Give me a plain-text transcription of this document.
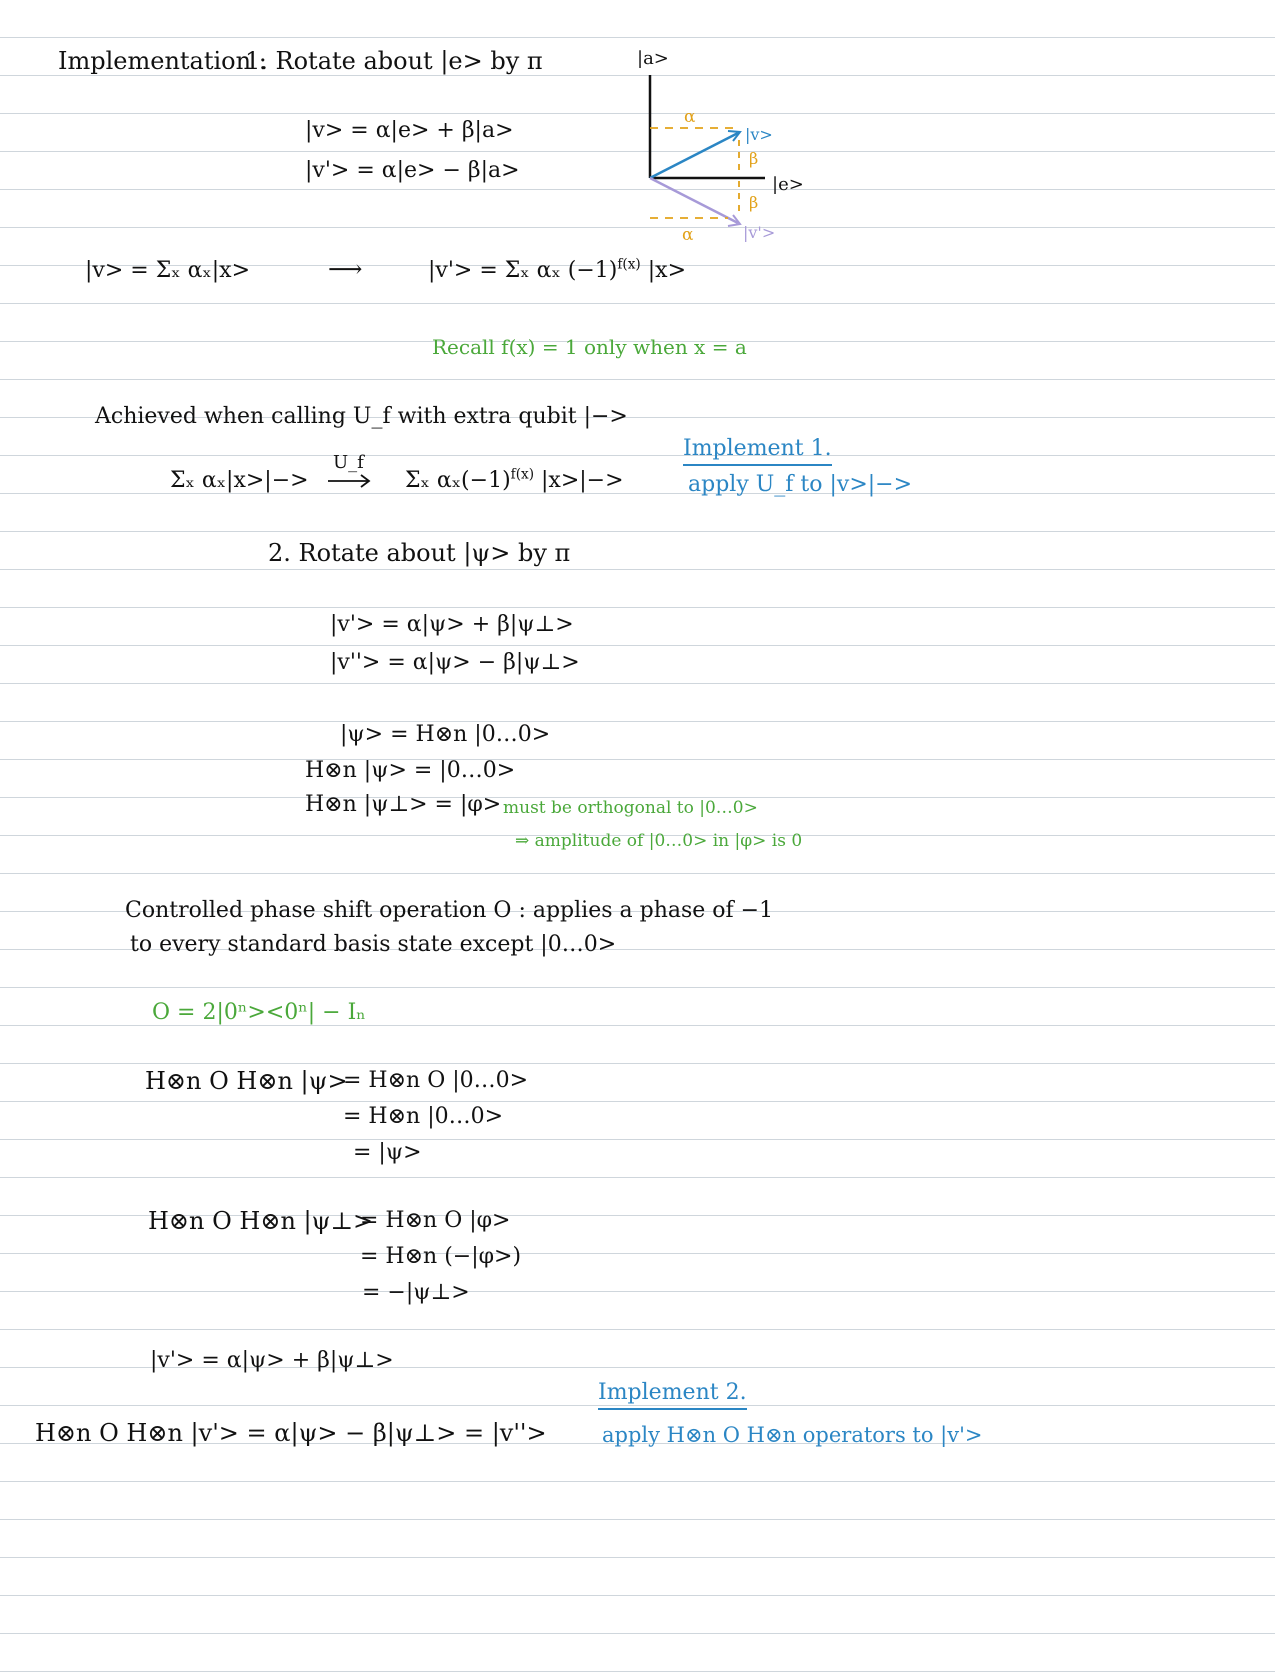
Implementation :
1. Rotate about |e> by π
|v> = α|e> + β|a>
|v'> = α|e> − β|a>
|a>
|e>
|v>
|v'>
α
β
β
α
|v> = Σₓ αₓ|x>	⟶	|v'> = Σₓ αₓ $(-1)^{f(x)}$ |x>
Recall f(x) = 1 only when x = a
Achieved when calling U_f with extra qubit |−>
Σₓ αₓ|x>|−>
U_f
Σₓ $\alpha_x(-1)^{f(x)}$ |x>|−>
Implement 1.
apply U_f to |v>|−>
2. Rotate about |ψ> by π
|v'> = α|ψ> + β|ψ⊥>
|v''> = α|ψ> − β|ψ⊥>
|ψ> = H⊗n |0…0>
H⊗n |ψ> = |0…0>
H⊗n |ψ⊥> = |φ> must be orthogonal to |0…0>
⇒ amplitude of |0…0> in |φ> is 0
Controlled phase shift operation O : applies a phase of −1
to every standard basis state except |0…0>
O = 2|0ⁿ><0ⁿ| − Iₙ
H⊗n O H⊗n |ψ>
= H⊗n O |0…0>
= H⊗n |0…0>
= |ψ>
H⊗n O H⊗n |ψ⊥>
= H⊗n O |φ>
= H⊗n (−|φ>)
= −|ψ⊥>
|v'> = α|ψ> + β|ψ⊥>
H⊗n O H⊗n |v'> = α|ψ> − β|ψ⊥> = |v''>
Implement 2.
apply H⊗n O H⊗n operators to |v'>
